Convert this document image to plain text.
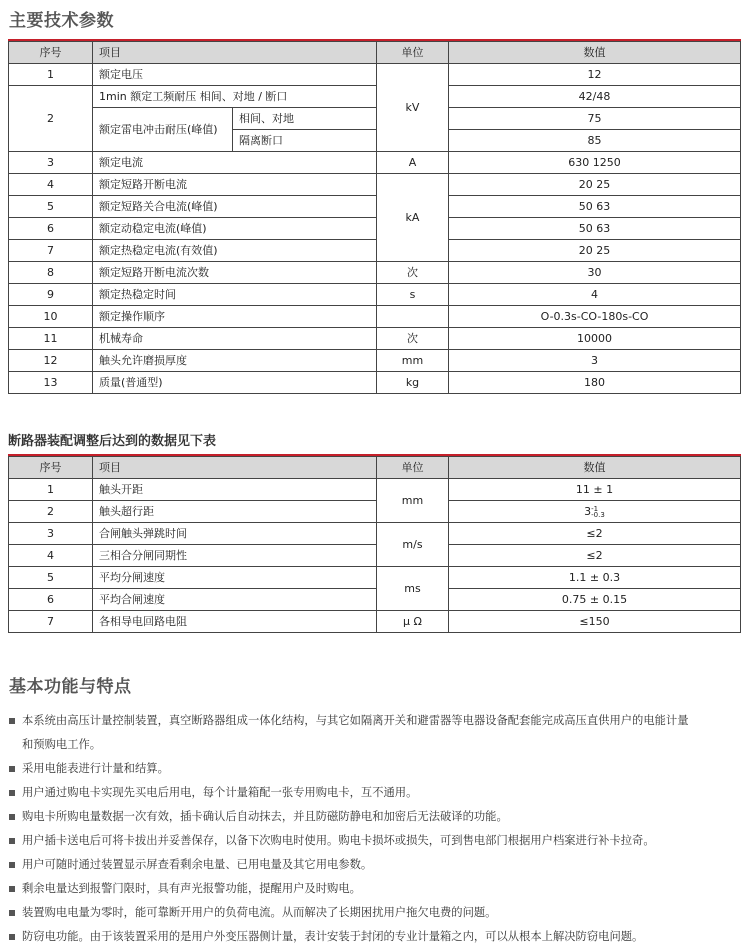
主要技术参数
序号	项目		单位	数值
1	额定电压		kV	12
2	1min 额定工频耐压 相间、对地 / 断口			42/48
	额定雷电冲击耐压(峰值)	相间、对地		75
		隔离断口		85
3	额定电流		A	630 1250
4	额定短路开断电流		kA	20 25
5	额定短路关合电流(峰值)			50 63
6	额定动稳定电流(峰值)			50 63
7	额定热稳定电流(有效值)			20 25
8	额定短路开断电流次数		次	30
9	额定热稳定时间		s	4
10	额定操作顺序			O-0.3s-CO-180s-CO
11	机械寿命		次	10000
12	触头允许磨损厚度		mm	3
13	质量(普通型)		kg	180
断路器装配调整后达到的数据见下表
序号	项目	单位	数值
1	触头开距	mm	11 ± 1
2	触头超行距		3-1
-0.3
3	合闸触头弹跳时间	m/s	≤2
4	三相合分闸同期性		≤2
5	平均分闸速度	ms	1.1 ± 0.3
6	平均合闸速度		0.75 ± 0.15
7	各相导电回路电阻	μ Ω	≤150
基本功能与特点
本系统由高压计量控制装置，真空断路器组成一体化结构，与其它如隔离开关和避雷器等电器设备配套能完成高压直供用户的电能计量
和预购电工作。
采用电能表进行计量和结算。
用户通过购电卡实现先买电后用电，每个计量箱配一张专用购电卡，互不通用。
购电卡所购电量数据一次有效，插卡确认后自动抹去，并且防磁防静电和加密后无法破译的功能。
用户插卡送电后可将卡拔出并妥善保存，以备下次购电时使用。购电卡损坏或损失，可到售电部门根据用户档案进行补卡拉奇。
用户可随时通过装置显示屏查看剩余电量、已用电量及其它用电参数。
剩余电量达到报警门限时，具有声光报警功能，提醒用户及时购电。
装置购电电量为零时，能可靠断开用户的负荷电流。从而解决了长期困扰用户拖欠电费的问题。
防窃电功能。由于该装置采用的是用户外变压器侧计量，表计安装于封闭的专业计量箱之内，可以从根本上解决防窃电问题。
